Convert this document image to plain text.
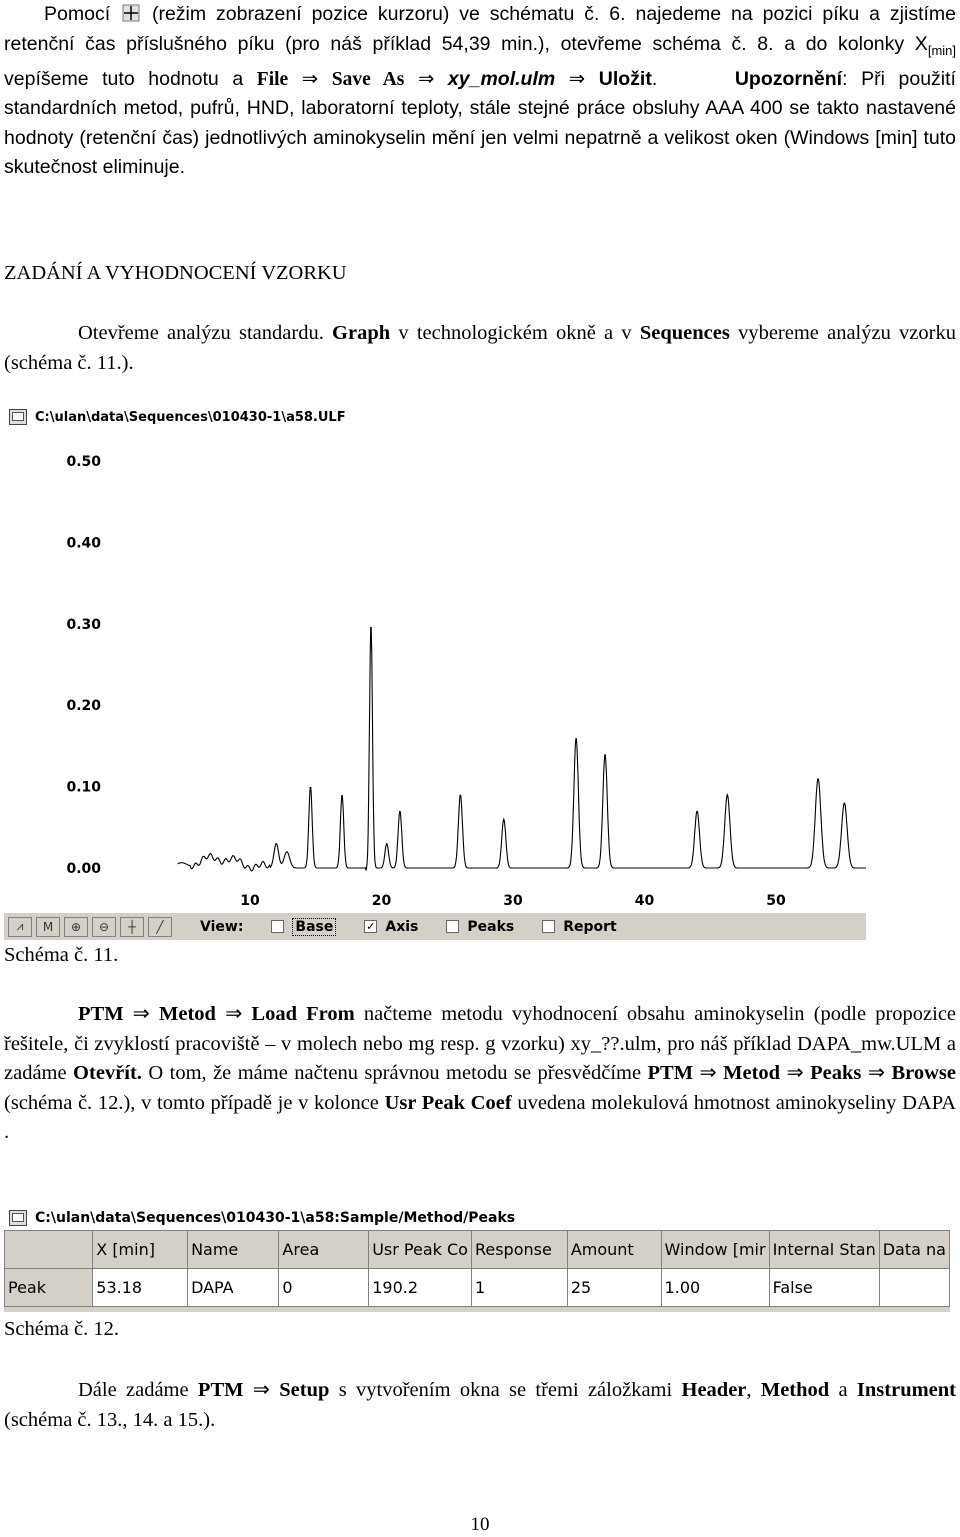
Pomocí (režim zobrazení pozice kurzoru) ve schématu č. 6. najedeme na pozici píku a zjistíme retenční čas příslušného píku (pro náš příklad 54,39 min.), otevřeme schéma č. 8. a do kolonky $X_{[min]}$ vepíšeme tuto hodnotu a File ⇒ Save As ⇒ xy_mol.ulm ⇒ Uložit.	Upozornění: Při použití standardních metod, pufrů, HND, laboratorní teploty, stále stejné práce obsluhy AAA 400 se takto nastavené hodnoty (retenční čas) jednotlivých aminokyselin mění jen velmi nepatrně a velikost oken (Windows [min] tuto skutečnost eliminuje.
ZADÁNÍ A VYHODNOCENÍ VZORKU
Otevřeme analýzu standardu. Graph v technologickém okně a v Sequences vybereme analýzu vzorku (schéma č. 11.).
C:\ulan\data\Sequences\010430-1\a58.ULF
0.50
0.40
0.30
0.20
0.10
0.00
10	20	30	40	50
⩘	M	⊕	⊖	┼	╱	View:	Base	✓ Axis	Peaks	Report
Schéma č. 11.
PTM ⇒ Metod ⇒ Load From načteme metodu vyhodnocení obsahu aminokyselin (podle propozice řešitele, či zvyklostí pracoviště – v molech nebo mg resp. g vzorku) xy_??.ulm, pro náš příklad DAPA_mw.ULM a zadáme Otevřít. O tom, že máme načtenu správnou metodu se přesvědčíme PTM ⇒ Metod ⇒ Peaks ⇒ Browse (schéma č. 12.), v tomto případě je v kolonce Usr Peak Coef uvedena molekulová hmotnost aminokyseliny DAPA .
C:\ulan\data\Sequences\010430-1\a58:Sample/Method/Peaks
	X [min]	Name	Area	Usr Peak Co	Response	Amount	Window [mir	Internal Stan	Data na
Peak	53.18	DAPA	0	190.2	1	25	1.00	False	
Schéma č. 12.
Dále zadáme PTM ⇒ Setup s vytvořením okna se třemi záložkami Header, Method a Instrument (schéma č. 13., 14. a 15.).
10
